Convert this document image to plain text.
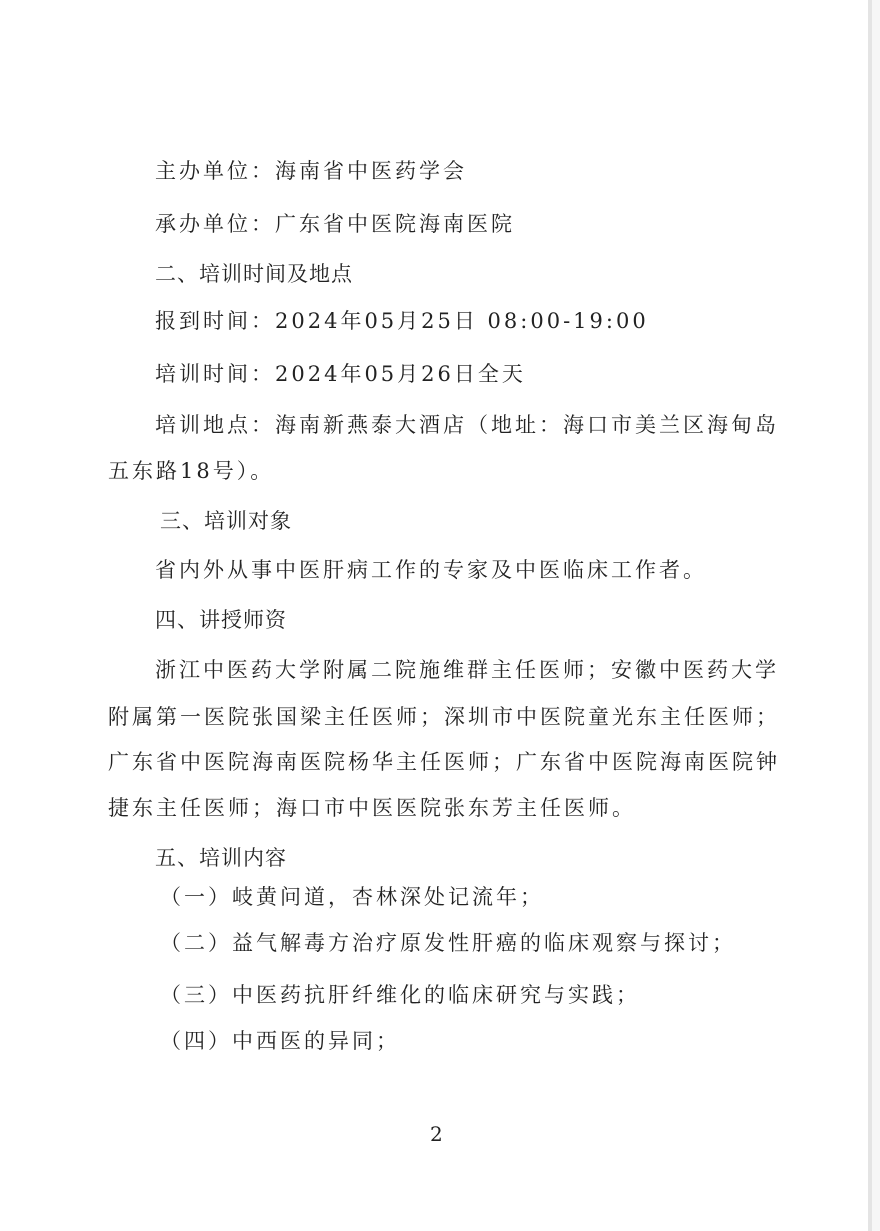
主办单位：海南省中医药学会

承办单位：广东省中医院海南医院

二、培训时间及地点

报到时间：2024年05月25日 08:00-19:00

培训时间：2024年05月26日全天

培训地点：海南新燕泰大酒店（地址：海口市美兰区海甸岛

五东路18号）。

三、培训对象

省内外从事中医肝病工作的专家及中医临床工作者。

四、讲授师资

浙江中医药大学附属二院施维群主任医师；安徽中医药大学

附属第一医院张国梁主任医师；深圳市中医院童光东主任医师；

广东省中医院海南医院杨华主任医师；广东省中医院海南医院钟

捷东主任医师；海口市中医医院张东芳主任医师。

五、培训内容

（一）岐黄问道，杏林深处记流年；

（二）益气解毒方治疗原发性肝癌的临床观察与探讨；

（三）中医药抗肝纤维化的临床研究与实践；

（四）中西医的异同；

2
